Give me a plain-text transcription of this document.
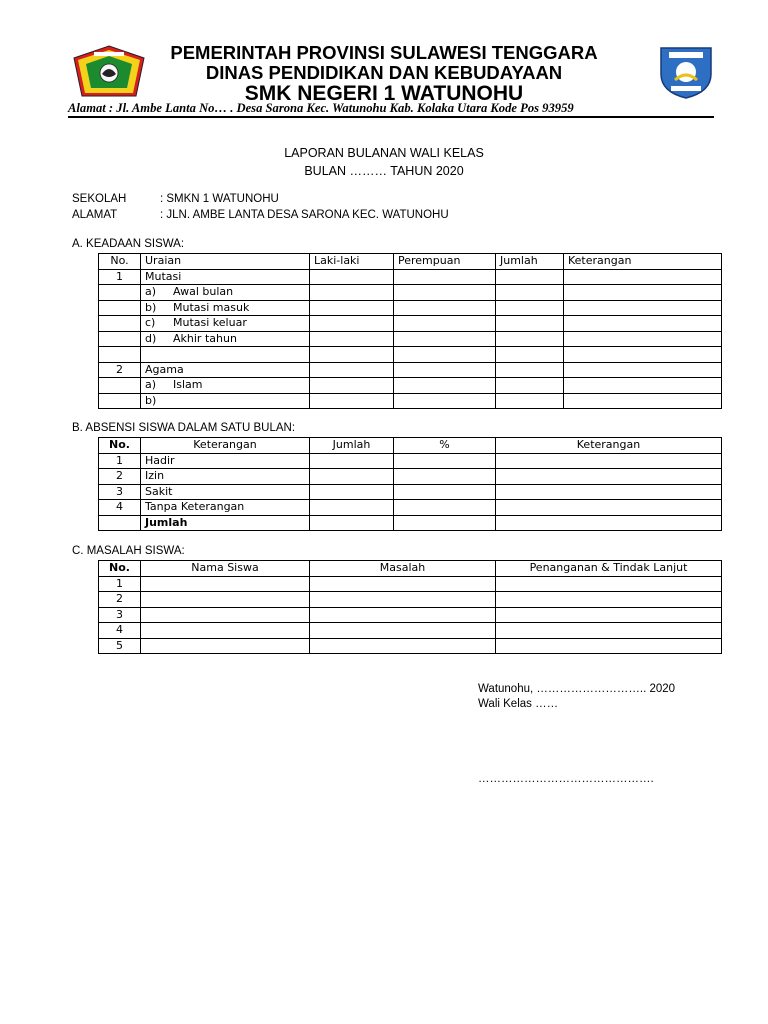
PEMERINTAH PROVINSI SULAWESI TENGGARA
DINAS PENDIDIKAN DAN KEBUDAYAAN
SMK NEGERI 1 WATUNOHU
Alamat : Jl. Ambe Lanta No… . Desa Sarona Kec. Watunohu Kab. Kolaka Utara Kode Pos 93959
LAPORAN BULANAN WALI KELAS
BULAN ……… TAHUN 2020
SEKOLAH	: SMKN 1 WATUNOHU
ALAMAT	: JLN. AMBE LANTA DESA SARONA KEC. WATUNOHU
A. KEADAAN SISWA:
No.	Uraian	Laki-laki	Perempuan	Jumlah	Keterangan
1	Mutasi				
	a) Awal bulan				
	b) Mutasi masuk				
	c) Mutasi keluar				
	d) Akhir tahun				

2	Agama				
	a) Islam				
	b)				
B. ABSENSI SISWA DALAM SATU BULAN:
No.	Keterangan	Jumlah	%	Keterangan
1	Hadir			
2	Izin			
3	Sakit			
4	Tanpa Keterangan			
	Jumlah			
C. MASALAH SISWA:
No.	Nama Siswa	Masalah	Penanganan & Tindak Lanjut
1			
2			
3			
4			
5			
Watunohu, ……………………….. 2020
Wali Kelas ……
……………………………………….
